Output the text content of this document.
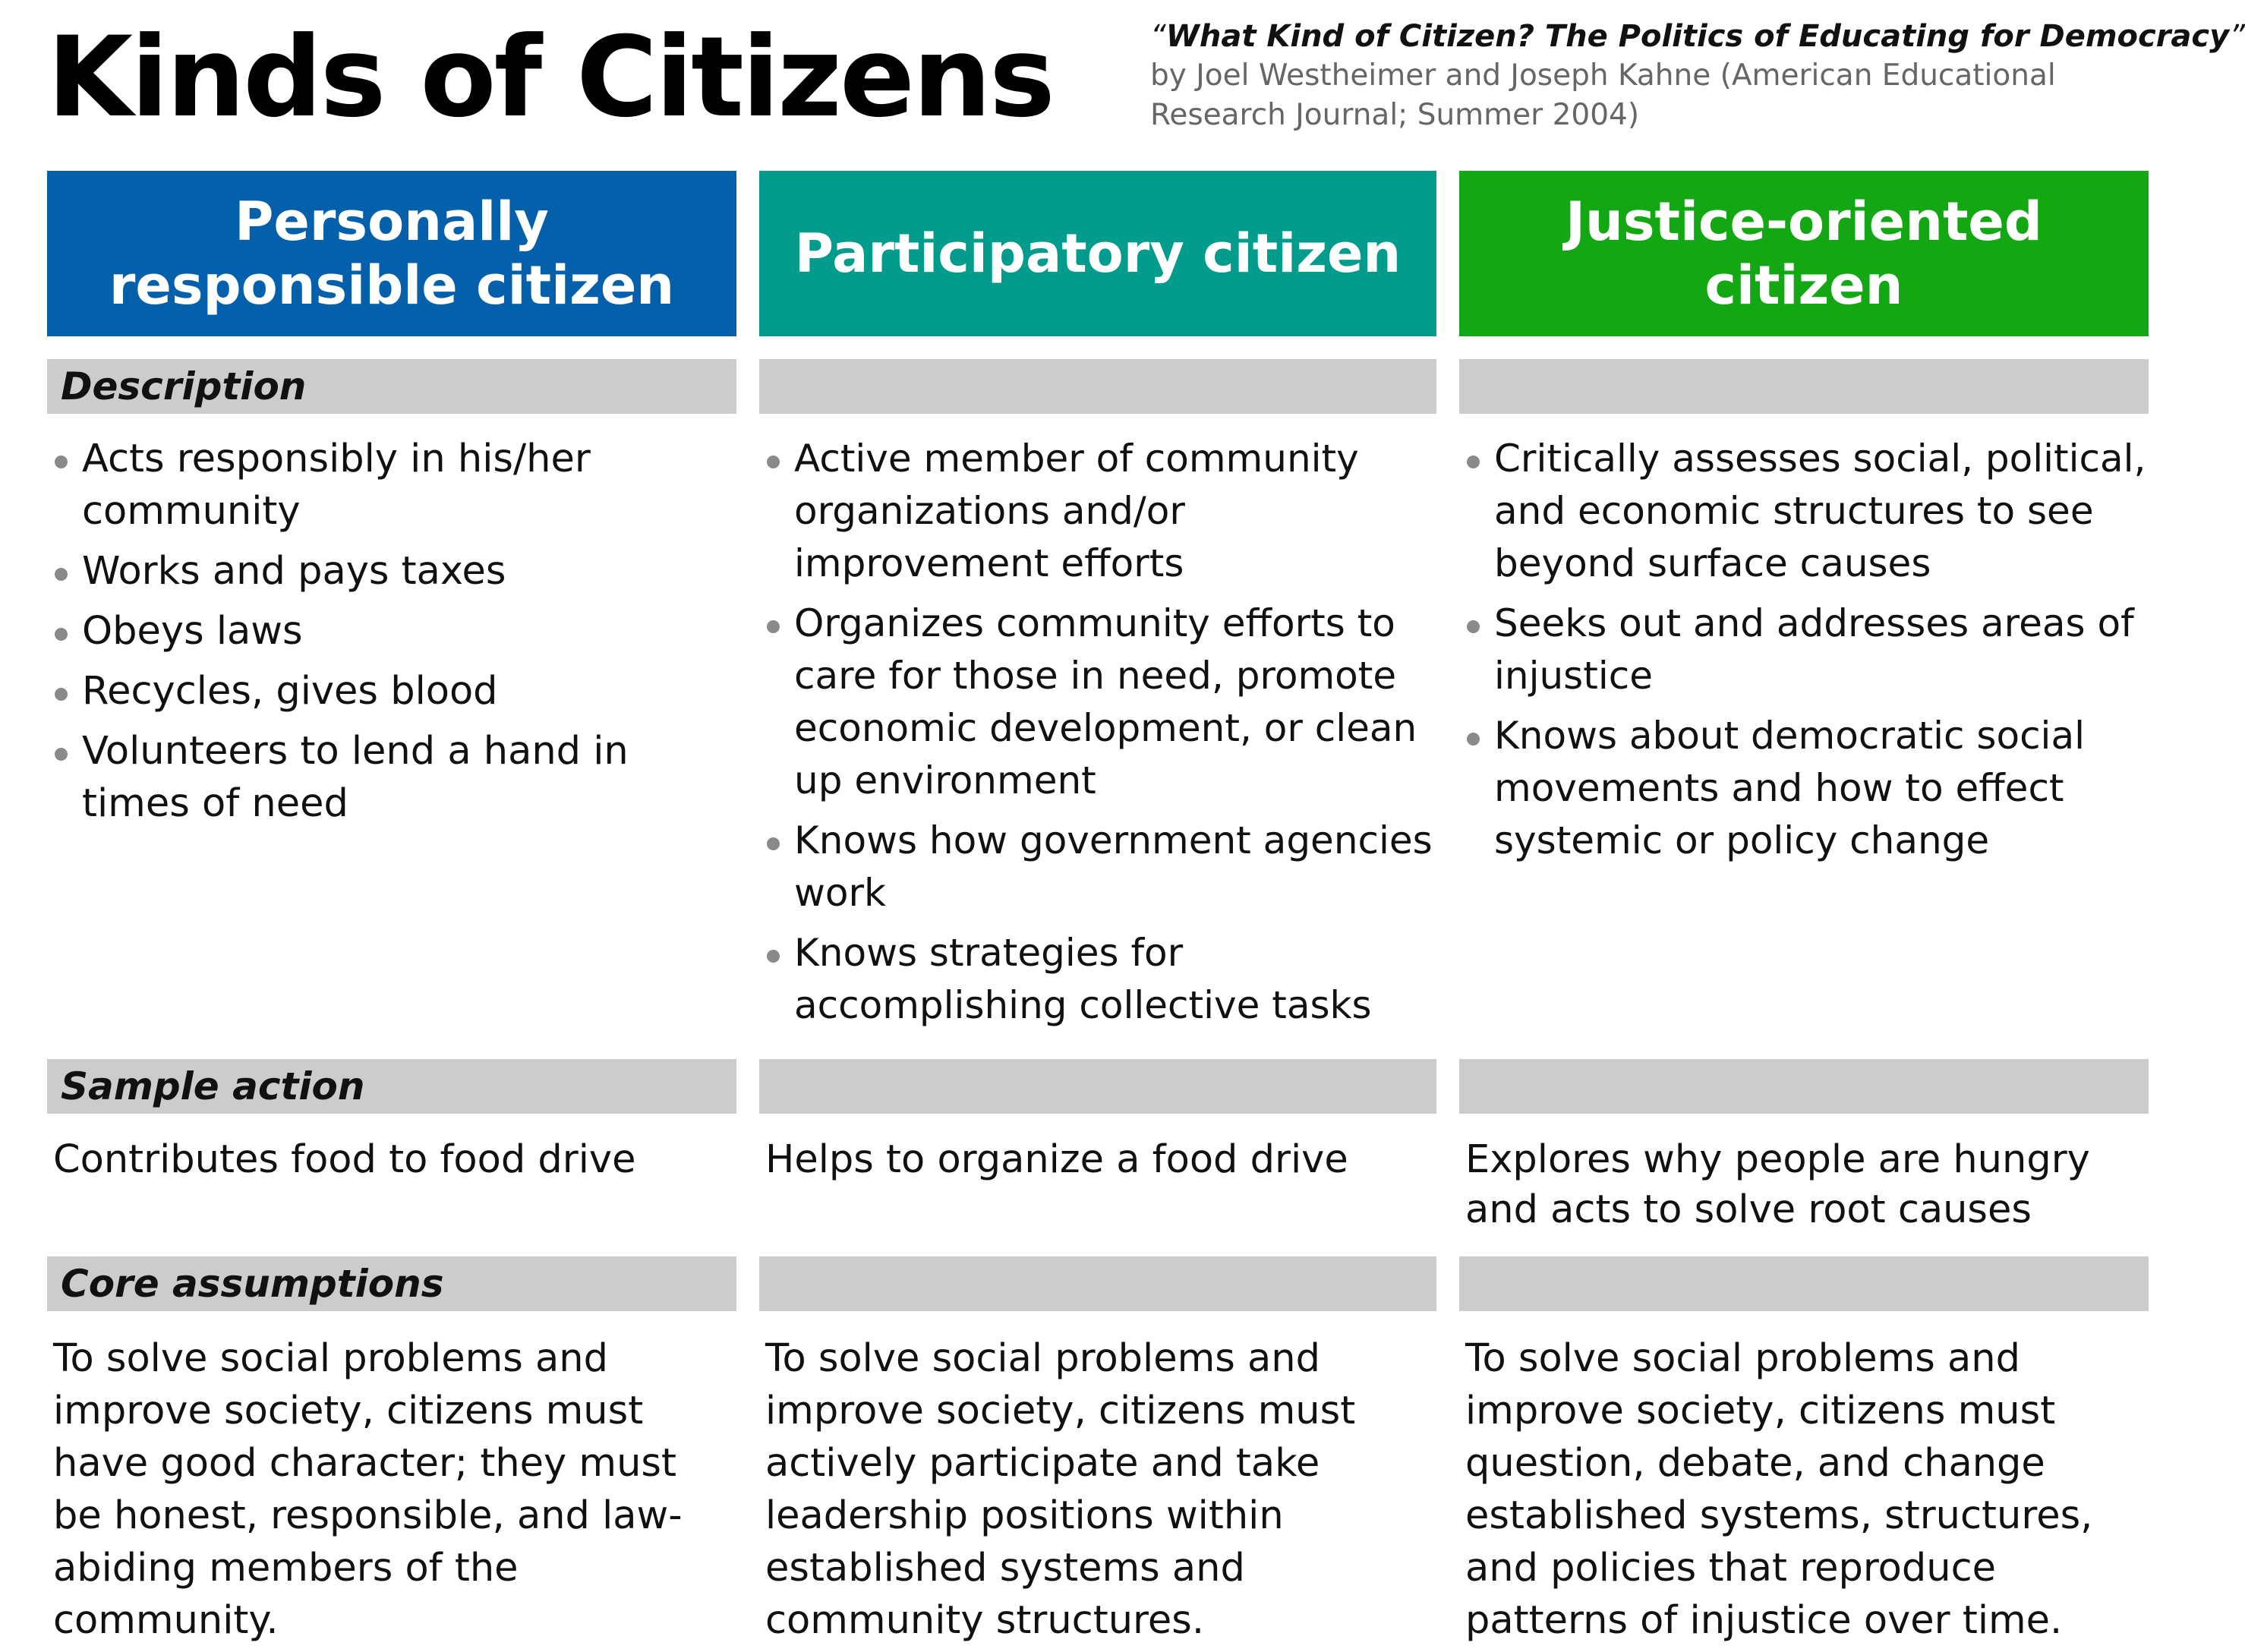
Kinds of Citizens	“What Kind of Citizen? The Politics of Educating for Democracy”
by Joel Westheimer and Joseph Kahne (American Educational Research Journal; Summer 2004)
Personally responsible citizen
Description
Acts responsibly in his/her community
Works and pays taxes
Obeys laws
Recycles, gives blood
Volunteers to lend a hand in times of need
Sample action
Contributes food to food drive
Core assumptions
To solve social problems and improve society, citizens must have good character; they must be honest, responsible, and law-abiding members of the community.
Participatory citizen
Active member of community organizations and/or improvement efforts
Organizes community efforts to care for those in need, promote economic development, or clean up environment
Knows how government agencies work
Knows strategies for accomplishing collective tasks
Helps to organize a food drive
To solve social problems and improve society, citizens must actively participate and take leadership positions within established systems and community structures.
Justice-oriented citizen
Critically assesses social, political, and economic structures to see beyond surface causes
Seeks out and addresses areas of injustice
Knows about democratic social movements and how to effect systemic or policy change
Explores why people are hungry and acts to solve root causes
To solve social problems and improve society, citizens must question, debate, and change established systems, structures, and policies that reproduce patterns of injustice over time.
